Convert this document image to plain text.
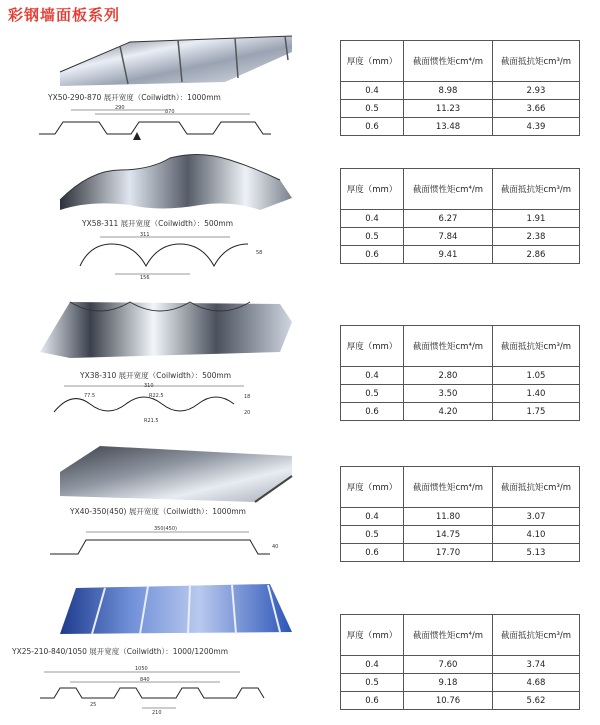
彩钢墙面板系列
YX50-290-870 展开宽度（Coilwidth）：1000mm
290
870
YX58-311 展开宽度（Coilwidth）：500mm
311
156
58
YX38-310 展开宽度（Coilwidth）：500mm
310
77.5	R22.5
R21.5
18
20
YX40-350(450) 展开宽度（Coilwidth）：1000mm
350(450)
40
YX25-210-840/1050 展开宽度（Coilwidth）：1000/1200mm
1050
840
210
25
厚度（mm）	截面惯性矩cm⁴/m	截面抵抗矩cm³/m
0.4	8.98	2.93
0.5	11.23	3.66
0.6	13.48	4.39
厚度（mm）	截面惯性矩cm⁴/m	截面抵抗矩cm³/m
0.4	6.27	1.91
0.5	7.84	2.38
0.6	9.41	2.86
厚度（mm）	截面惯性矩cm⁴/m	截面抵抗矩cm³/m
0.4	2.80	1.05
0.5	3.50	1.40
0.6	4.20	1.75
厚度（mm）	截面惯性矩cm⁴/m	截面抵抗矩cm³/m
0.4	11.80	3.07
0.5	14.75	4.10
0.6	17.70	5.13
厚度（mm）	截面惯性矩cm⁴/m	截面抵抗矩cm³/m
0.4	7.60	3.74
0.5	9.18	4.68
0.6	10.76	5.62
